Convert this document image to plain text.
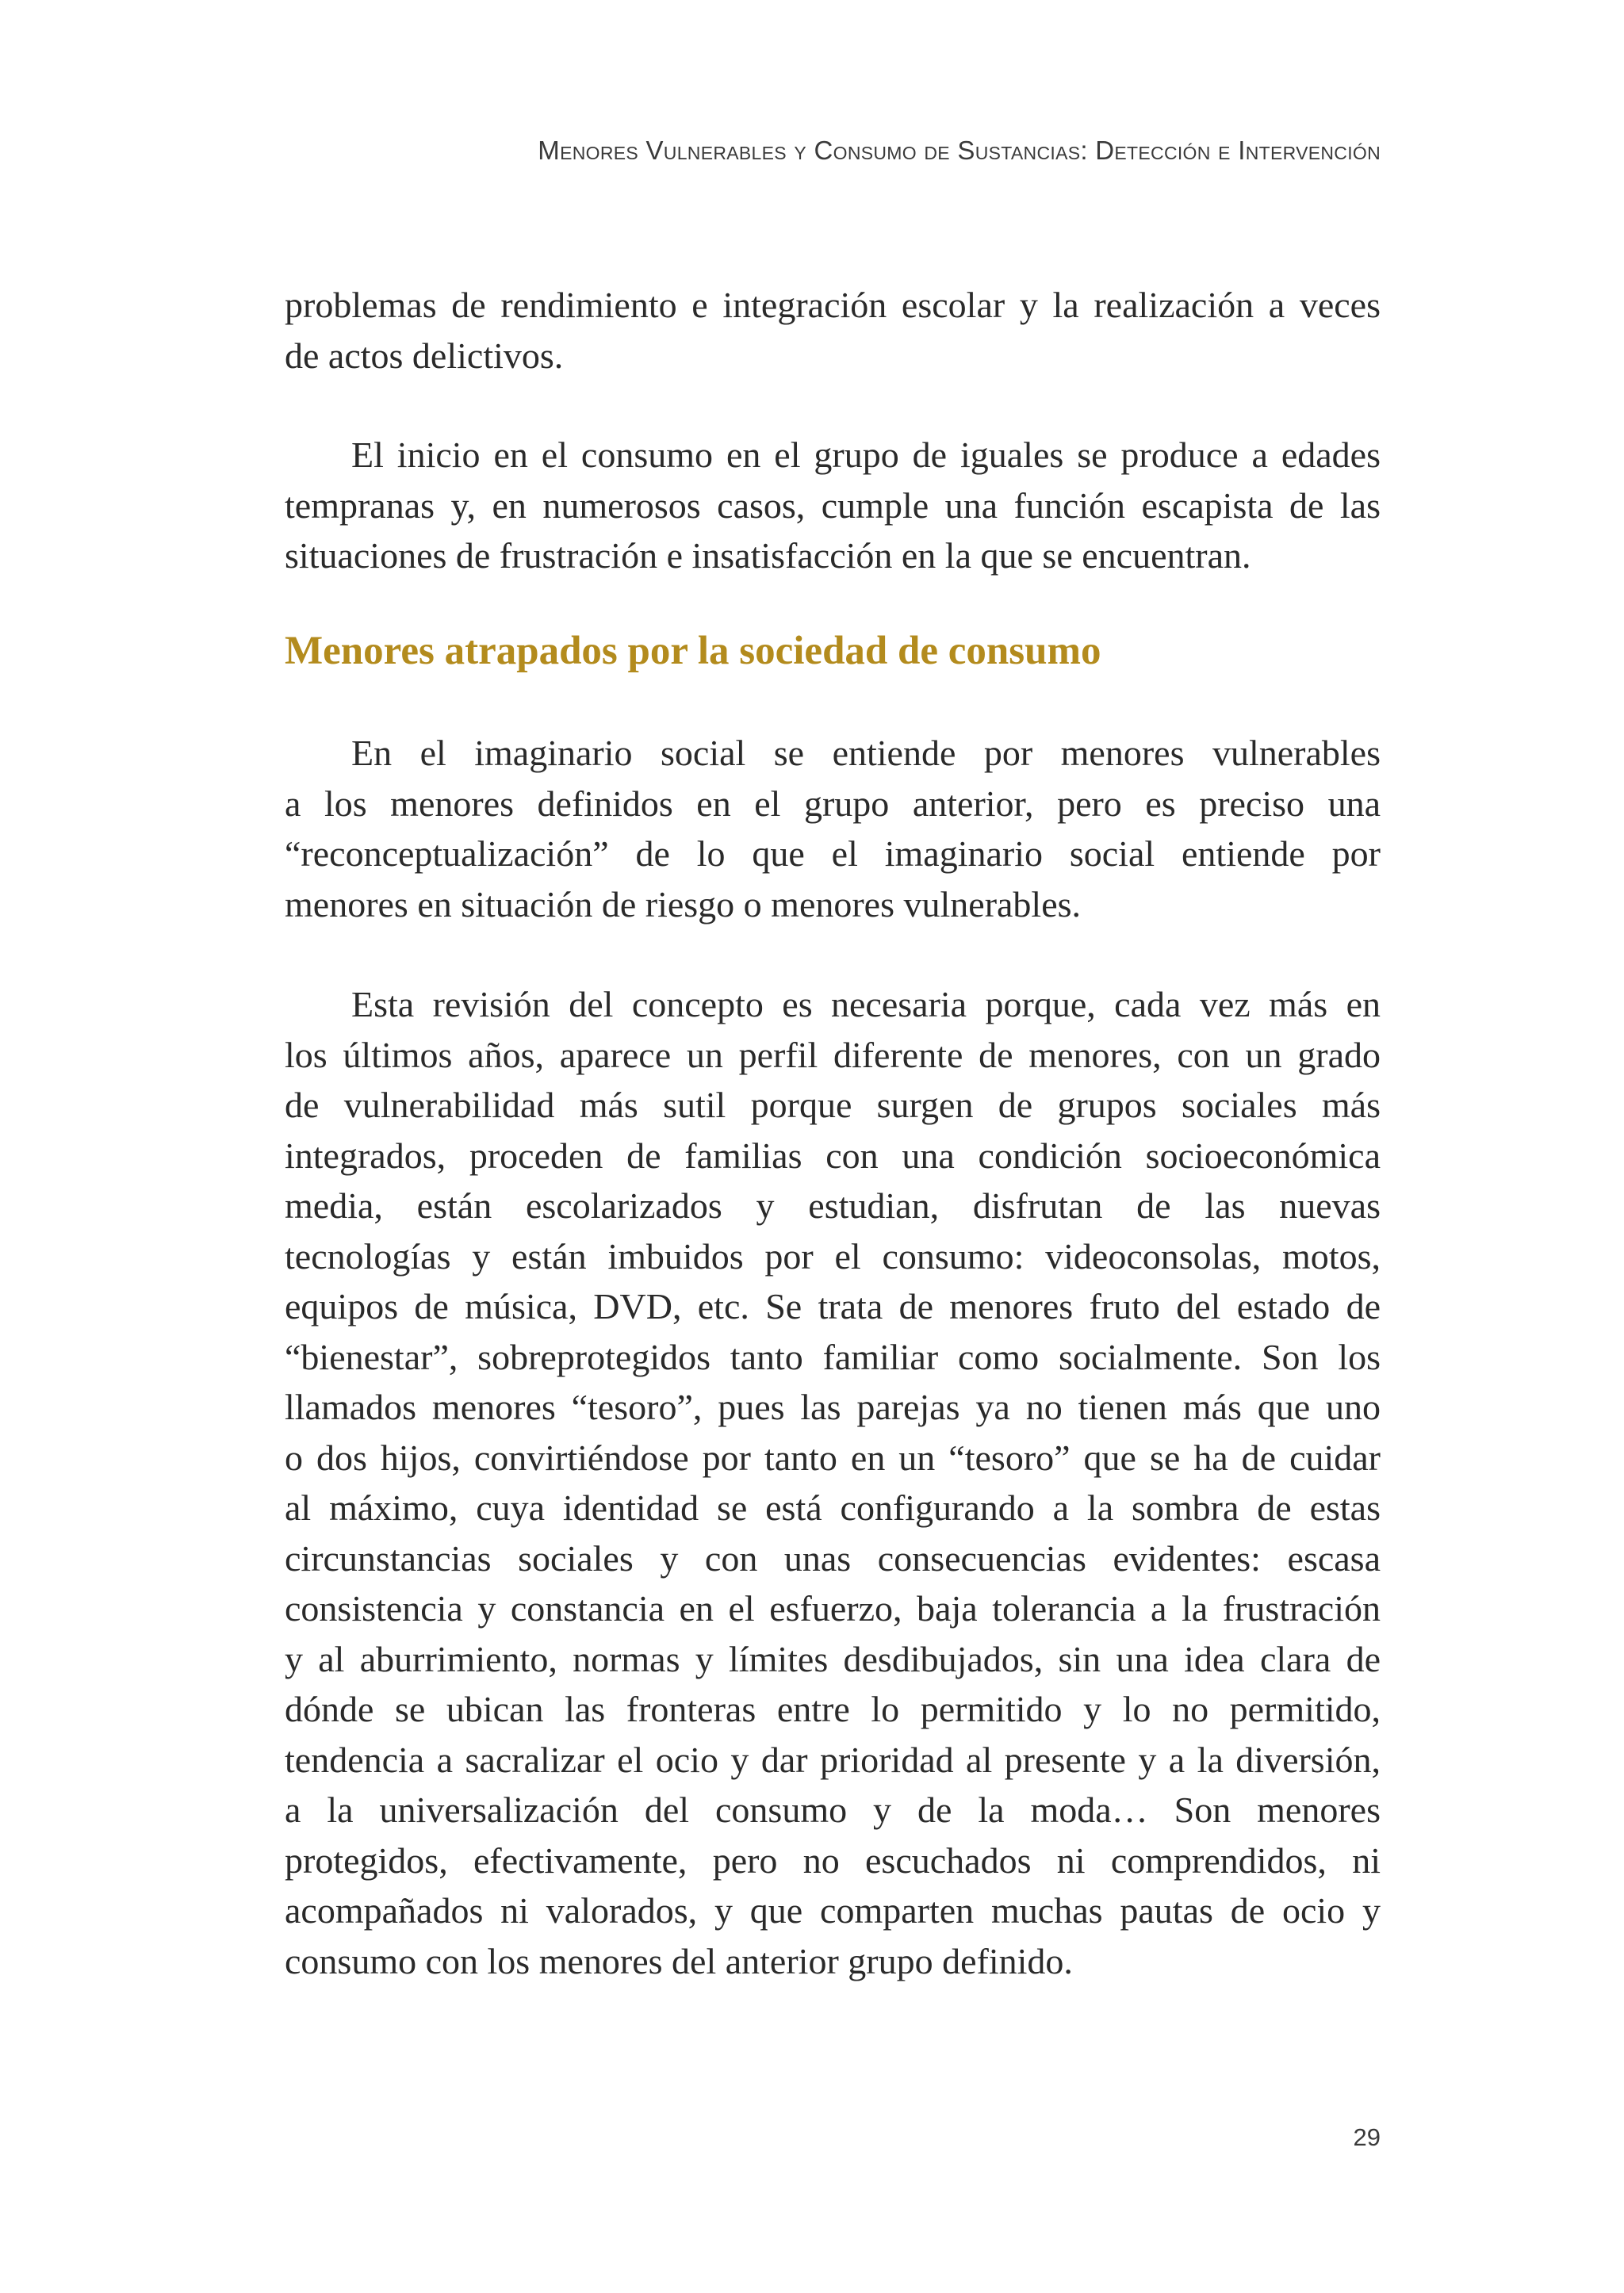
Menores Vulnerables y Consumo de Sustancias: Detección e Intervención
problemas de rendimiento e integración escolar y la realización a veces
de actos delictivos.
El inicio en el consumo en el grupo de iguales se produce a edades
tempranas y, en numerosos casos, cumple una función escapista de las
situaciones de frustración e insatisfacción en la que se encuentran.
Menores atrapados por la sociedad de consumo
En el imaginario social se entiende por menores vulnerables
a los menores definidos en el grupo anterior, pero es preciso una
“reconceptualización” de lo que el imaginario social entiende por
menores en situación de riesgo o menores vulnerables.
Esta revisión del concepto es necesaria porque, cada vez más en
los últimos años, aparece un perfil diferente de menores, con un grado
de vulnerabilidad más sutil porque surgen de grupos sociales más
integrados, proceden de familias con una condición socioeconómica
media, están escolarizados y estudian, disfrutan de las nuevas
tecnologías y están imbuidos por el consumo: videoconsolas, motos,
equipos de música, DVD, etc. Se trata de menores fruto del estado de
“bienestar”, sobreprotegidos tanto familiar como socialmente. Son los
llamados menores “tesoro”, pues las parejas ya no tienen más que uno
o dos hijos, convirtiéndose por tanto en un “tesoro” que se ha de cuidar
al máximo, cuya identidad se está configurando a la sombra de estas
circunstancias sociales y con unas consecuencias evidentes: escasa
consistencia y constancia en el esfuerzo, baja tolerancia a la frustración
y al aburrimiento, normas y límites desdibujados, sin una idea clara de
dónde se ubican las fronteras entre lo permitido y lo no permitido,
tendencia a sacralizar el ocio y dar prioridad al presente y a la diversión,
a la universalización del consumo y de la moda… Son menores
protegidos, efectivamente, pero no escuchados ni comprendidos, ni
acompañados ni valorados, y que comparten muchas pautas de ocio y
consumo con los menores del anterior grupo definido.
29
